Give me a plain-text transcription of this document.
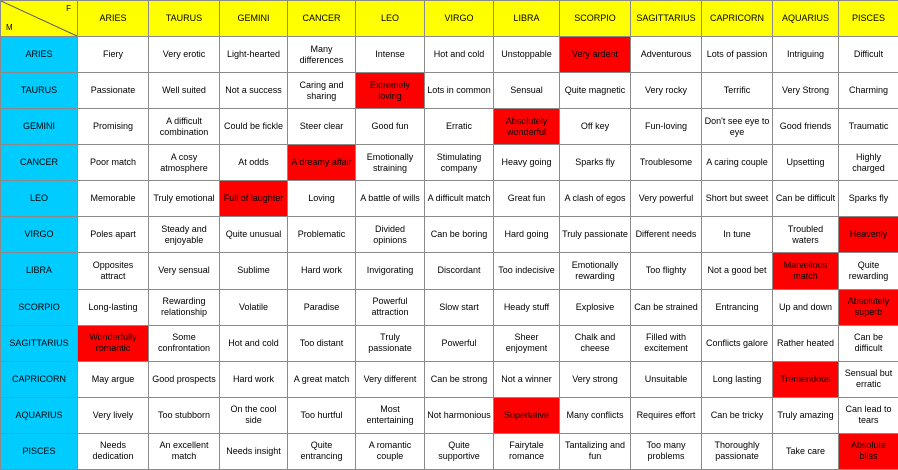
F
M	ARIES	TAURUS	GEMINI	CANCER	LEO	VIRGO	LIBRA	SCORPIO	SAGITTARIUS	CAPRICORN	AQUARIUS	PISCES
ARIES	Fiery	Very erotic	Light-hearted	Many differences	Intense	Hot and cold	Unstoppable	Very ardent	Adventurous	Lots of passion	Intriguing	Difficult
TAURUS	Passionate	Well suited	Not a success	Caring and sharing	Extremely loving	Lots in common	Sensual	Quite magnetic	Very rocky	Terrific	Very Strong	Charming
GEMINI	Promising	A difficult combination	Could be fickle	Steer clear	Good fun	Erratic	Absolutely wonderful	Off key	Fun-loving	Don't see eye to eye	Good friends	Traumatic
CANCER	Poor match	A cosy atmosphere	At odds	A dreamy affair	Emotionally straining	Stimulating company	Heavy going	Sparks fly	Troublesome	A caring couple	Upsetting	Highly charged
LEO	Memorable	Truly emotional	Full of laughter	Loving	A battle of wills	A difficult match	Great fun	A clash of egos	Very powerful	Short but sweet	Can be difficult	Sparks fly
VIRGO	Poles apart	Steady and enjoyable	Quite unusual	Problematic	Divided opinions	Can be boring	Hard going	Truly passionate	Different needs	In tune	Troubled waters	Heavenly
LIBRA	Opposites attract	Very sensual	Sublime	Hard work	Invigorating	Discordant	Too indecisive	Emotionally rewarding	Too flighty	Not a good bet	Marvellous match	Quite rewarding
SCORPIO	Long-lasting	Rewarding relationship	Volatile	Paradise	Powerful attraction	Slow start	Heady stuff	Explosive	Can be strained	Entrancing	Up and down	Absolutely superb
SAGITTARIUS	Wonderfully romantic	Some confrontation	Hot and cold	Too distant	Truly passionate	Powerful	Sheer enjoyment	Chalk and cheese	Filled with excitement	Conflicts galore	Rather heated	Can be difficult
CAPRICORN	May argue	Good prospects	Hard work	A great match	Very different	Can be strong	Not a winner	Very strong	Unsuitable	Long lasting	Tremendous	Sensual but erratic
AQUARIUS	Very lively	Too stubborn	On the cool side	Too hurtful	Most entertaining	Not harmonious	Superlative	Many conflicts	Requires effort	Can be tricky	Truly amazing	Can lead to tears
PISCES	Needs dedication	An excellent match	Needs insight	Quite entrancing	A romantic couple	Quite supportive	Fairytale romance	Tantalizing and fun	Too many problems	Thoroughly passionate	Take care	Absolute bliss
